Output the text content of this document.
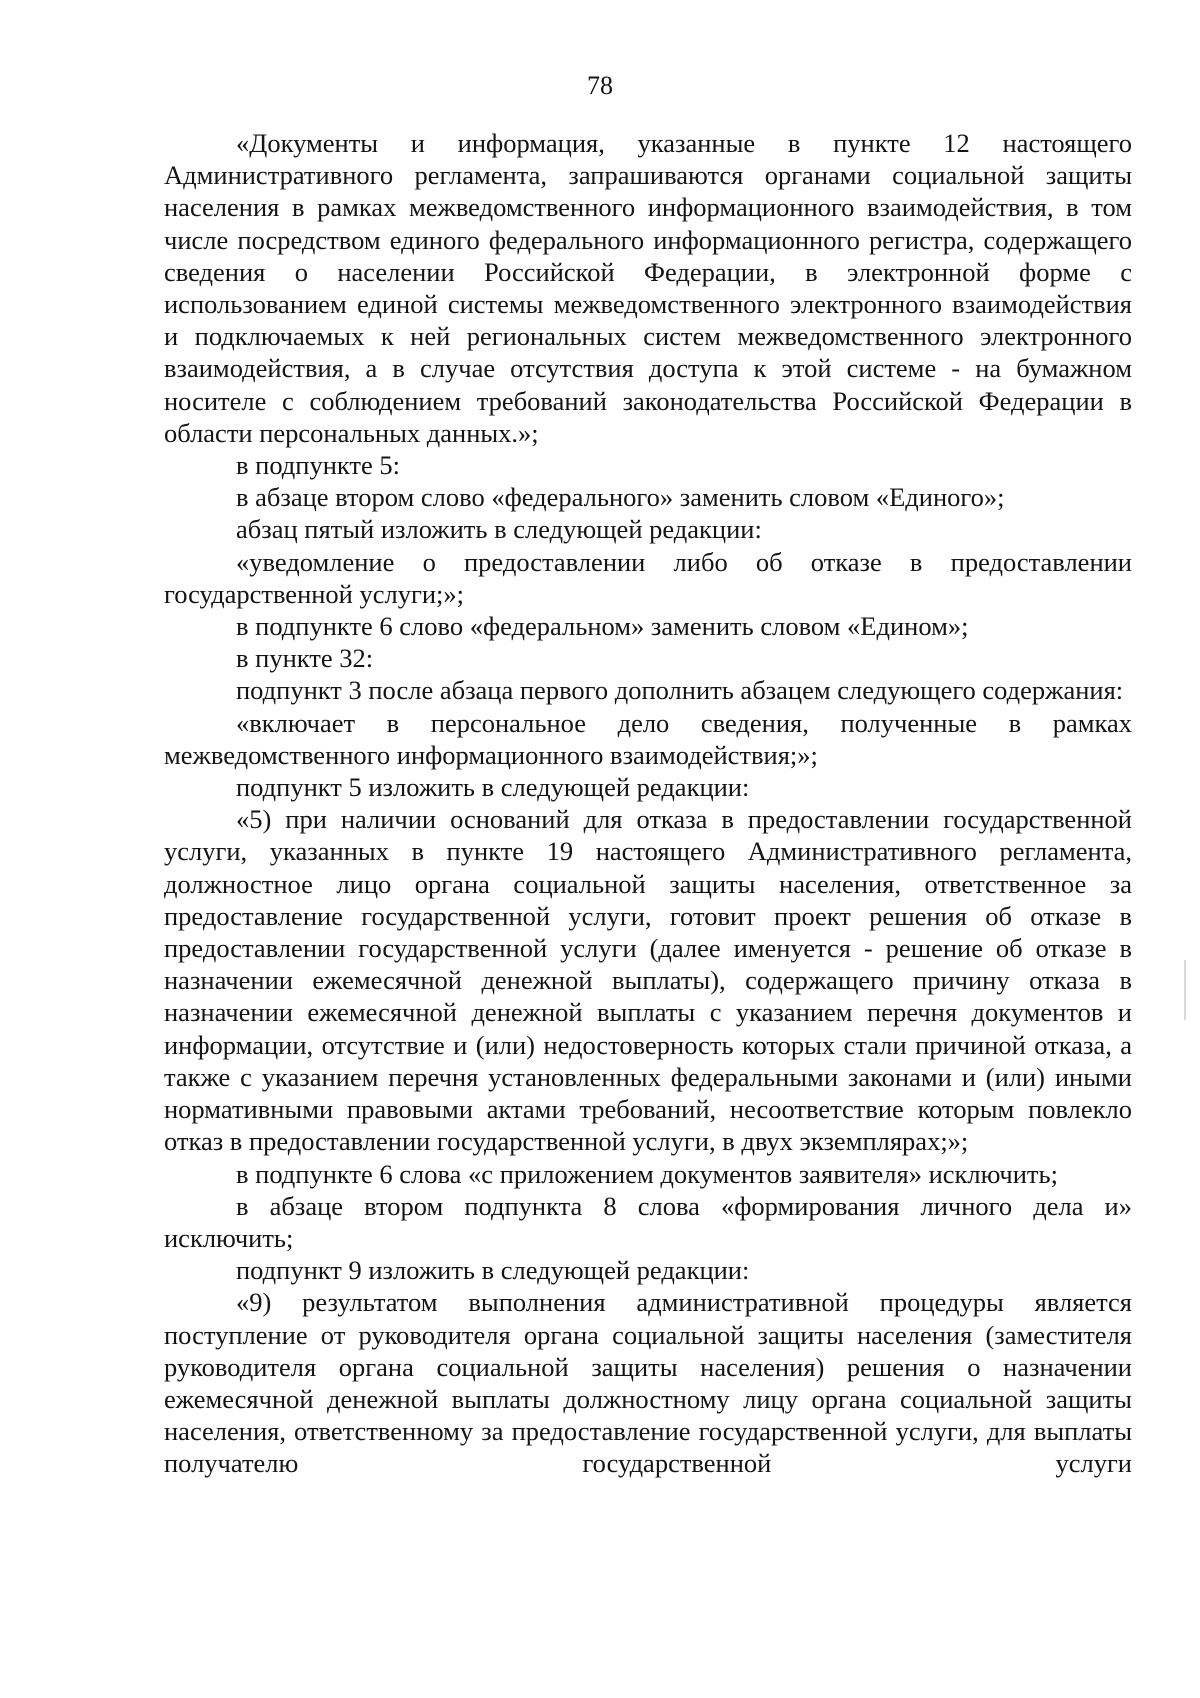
78

«Документы и информация, указанные в пункте 12 настоящего Административного регламента, запрашиваются органами социальной защиты населения в рамках межведомственного информационного взаимодействия, в том числе посредством единого федерального информационного регистра, содержащего сведения о населении Российской Федерации, в электронной форме с использованием единой системы межведомственного электронного взаимодействия и подключаемых к ней региональных систем межведомственного электронного взаимодействия, а в случае отсутствия доступа к этой системе - на бумажном носителе с соблюдением требований законодательства Российской Федерации в области персональных данных.»;

в подпункте 5:

в абзаце втором слово «федерального» заменить словом «Единого»;

абзац пятый изложить в следующей редакции:

«уведомление о предоставлении либо об отказе в предоставлении государственной услуги;»;

в подпункте 6 слово «федеральном» заменить словом «Едином»;

в пункте 32:

подпункт 3 после абзаца первого дополнить абзацем следующего содержания:

«включает в персональное дело сведения, полученные в рамках межведомственного информационного взаимодействия;»;

подпункт 5 изложить в следующей редакции:

«5) при наличии оснований для отказа в предоставлении государственной услуги, указанных в пункте 19 настоящего Административного регламента, должностное лицо органа социальной защиты населения, ответственное за предоставление государственной услуги, готовит проект решения об отказе в предоставлении государственной услуги (далее именуется - решение об отказе в назначении ежемесячной денежной выплаты), содержащего причину отказа в назначении ежемесячной денежной выплаты с указанием перечня документов и информации, отсутствие и (или) недостоверность которых стали причиной отказа, а также с указанием перечня установленных федеральными законами и (или) иными нормативными правовыми актами требований, несоответствие которым повлекло отказ в предоставлении государственной услуги, в двух экземплярах;»;

в подпункте 6 слова «с приложением документов заявителя» исключить;

в абзаце втором подпункта 8 слова «формирования личного дела и» исключить;

подпункт 9 изложить в следующей редакции:

«9) результатом выполнения административной процедуры является поступление от руководителя органа социальной защиты населения (заместителя руководителя органа социальной защиты населения) решения о назначении ежемесячной денежной выплаты должностному лицу органа социальной защиты населения, ответственному за предоставление государственной услуги, для выплаты получателю государственной услуги
